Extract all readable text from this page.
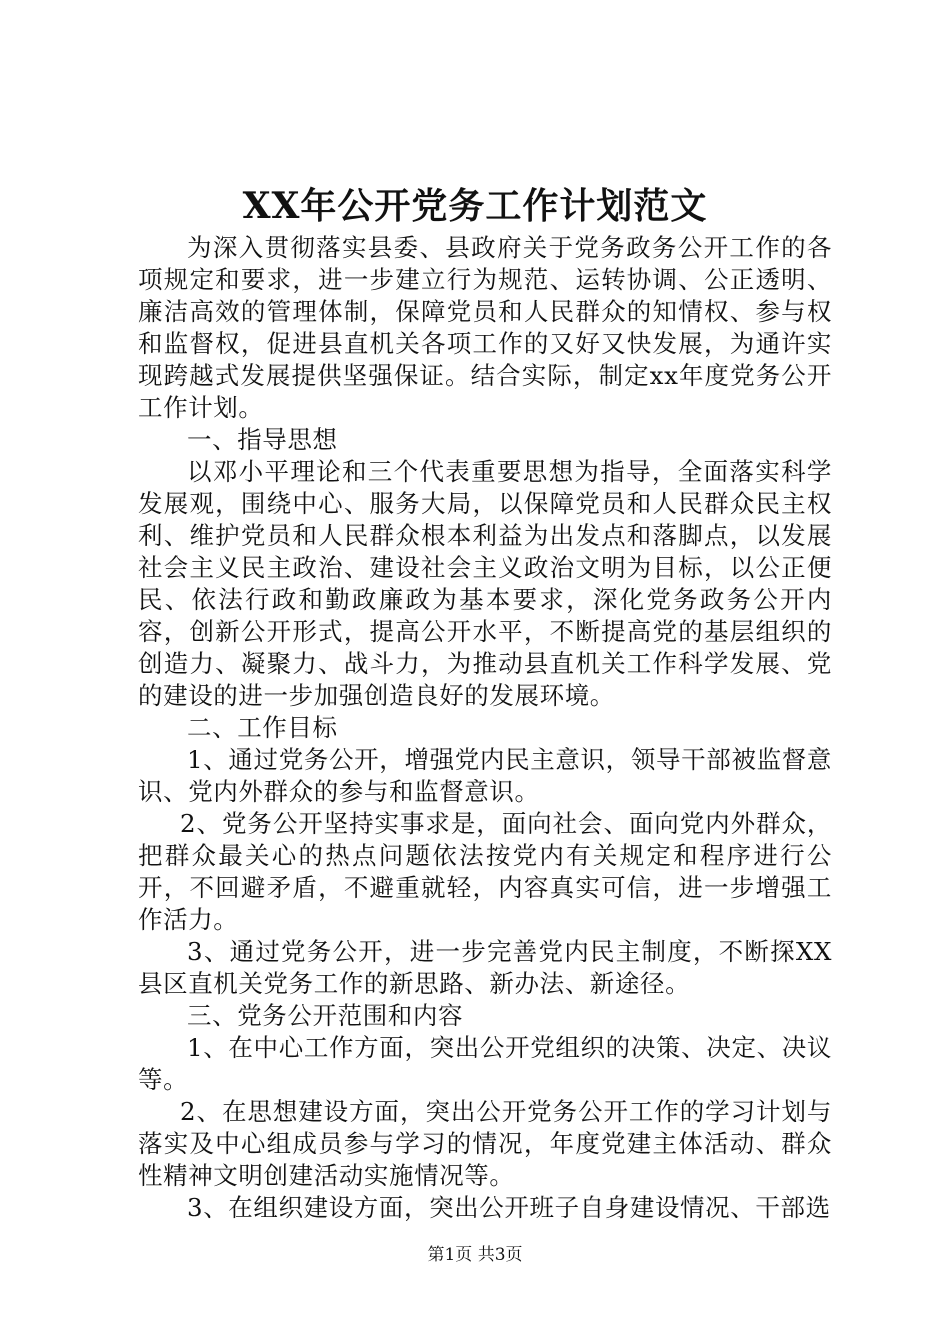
XX年公开党务工作计划范文

为深入贯彻落实县委、县政府关于党务政务公开工作的各项规定和要求，进一步建立行为规范、运转协调、公正透明、廉洁高效的管理体制，保障党员和人民群众的知情权、参与权和监督权，促进县直机关各项工作的又好又快发展，为通许实现跨越式发展提供坚强保证。结合实际，制定xx年度党务公开工作计划。

一、指导思想

以邓小平理论和三个代表重要思想为指导，全面落实科学发展观，围绕中心、服务大局，以保障党员和人民群众民主权利、维护党员和人民群众根本利益为出发点和落脚点，以发展社会主义民主政治、建设社会主义政治文明为目标，以公正便民、依法行政和勤政廉政为基本要求，深化党务政务公开内容，创新公开形式，提高公开水平，不断提高党的基层组织的创造力、凝聚力、战斗力，为推动县直机关工作科学发展、党的建设的进一步加强创造良好的发展环境。

二、工作目标

1、通过党务公开，增强党内民主意识，领导干部被监督意识、党内外群众的参与和监督意识。

2、党务公开坚持实事求是，面向社会、面向党内外群众，把群众最关心的热点问题依法按党内有关规定和程序进行公开，不回避矛盾，不避重就轻，内容真实可信，进一步增强工作活力。

3、通过党务公开，进一步完善党内民主制度，不断探XX县区直机关党务工作的新思路、新办法、新途径。

三、党务公开范围和内容

1、在中心工作方面，突出公开党组织的决策、决定、决议等。

2、在思想建设方面，突出公开党务公开工作的学习计划与落实及中心组成员参与学习的情况，年度党建主体活动、群众性精神文明创建活动实施情况等。

3、在组织建设方面，突出公开班子自身建设情况、干部选

第1页 共3页
